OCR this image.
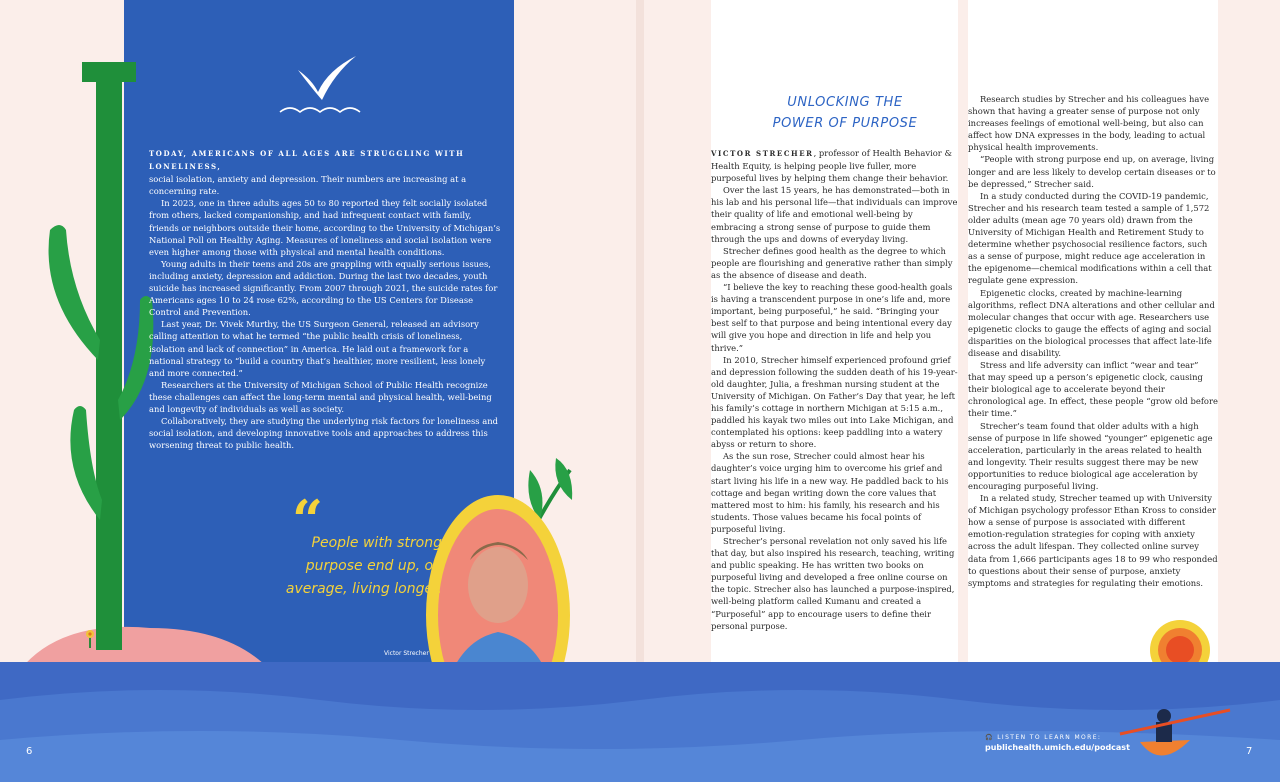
TODAY, AMERICANS OF ALL AGES ARE STRUGGLING WITH LONELINESS,
social isolation, anxiety and depression. Their numbers are increasing at a concerning rate.

In 2023, one in three adults ages 50 to 80 reported they felt socially isolated from others, lacked companionship, and had infrequent contact with family, friends or neighbors outside their home, according to the University of Michigan’s National Poll on Healthy Aging. Measures of loneliness and social isolation were even higher among those with physical and mental health conditions.

Young adults in their teens and 20s are grappling with equally serious issues, including anxiety, depression and addiction. During the last two decades, youth suicide has increased significantly. From 2007 through 2021, the suicide rates for Americans ages 10 to 24 rose 62%, according to the US Centers for Disease Control and Prevention.

Last year, Dr. Vivek Murthy, the US Surgeon General, released an advisory calling attention to what he termed “the public health crisis of loneliness, isolation and lack of connection” in America. He laid out a framework for a national strategy to “build a country that’s healthier, more resilient, less lonely and more connected.”

Researchers at the University of Michigan School of Public Health recognize these challenges can affect the long-term mental and physical health, well-being and longevity of individuals as well as society.

Collaboratively, they are studying the underlying risk factors for loneliness and social isolation, and developing innovative tools and approaches to address this worsening threat to public health.

“
People with strong purpose end up, on average, living longer.
Victor Strecher
6
UNLOCKING THE
POWER OF PURPOSE

VICTOR STRECHER, professor of Health Behavior & Health Equity, is helping people live fuller, more purposeful lives by helping them change their behavior.

Over the last 15 years, he has demonstrated—both in his lab and his personal life—that individuals can improve their quality of life and emotional well-being by embracing a strong sense of purpose to guide them through the ups and downs of everyday living.

Strecher defines good health as the degree to which people are flourishing and generative rather than simply as the absence of disease and death.

“I believe the key to reaching these good-health goals is having a transcendent purpose in one’s life and, more important, being purposeful,” he said. “Bringing your best self to that purpose and being intentional every day will give you hope and direction in life and help you thrive.”

In 2010, Strecher himself experienced profound grief and depression following the sudden death of his 19-year-old daughter, Julia, a freshman nursing student at the University of Michigan. On Father’s Day that year, he left his family’s cottage in northern Michigan at 5:15 a.m., paddled his kayak two miles out into Lake Michigan, and contemplated his options: keep paddling into a watery abyss or return to shore.

As the sun rose, Strecher could almost hear his daughter’s voice urging him to overcome his grief and start living his life in a new way. He paddled back to his cottage and began writing down the core values that mattered most to him: his family, his research and his students. Those values became his focal points of purposeful living.

Strecher’s personal revelation not only saved his life that day, but also inspired his research, teaching, writing and public speaking. He has written two books on purposeful living and developed a free online course on the topic. Strecher also has launched a purpose-inspired, well-being platform called Kumanu and created a “Purposeful” app to encourage users to define their personal purpose.

Research studies by Strecher and his colleagues have shown that having a greater sense of purpose not only increases feelings of emotional well-being, but also can affect how DNA expresses in the body, leading to actual physical health improvements.

“People with strong purpose end up, on average, living longer and are less likely to develop certain diseases or to be depressed,” Strecher said.

In a study conducted during the COVID-19 pandemic, Strecher and his research team tested a sample of 1,572 older adults (mean age 70 years old) drawn from the University of Michigan Health and Retirement Study to determine whether psychosocial resilience factors, such as a sense of purpose, might reduce age acceleration in the epigenome—chemical modifications within a cell that regulate gene expression.

Epigenetic clocks, created by machine-learning algorithms, reflect DNA alterations and other cellular and molecular changes that occur with age. Researchers use epigenetic clocks to gauge the effects of aging and social disparities on the biological processes that affect late-life disease and disability.

Stress and life adversity can inflict “wear and tear” that may speed up a person’s epigenetic clock, causing their biological age to accelerate beyond their chronological age. In effect, these people “grow old before their time.”

Strecher’s team found that older adults with a high sense of purpose in life showed “younger” epigenetic age acceleration, particularly in the areas related to health and longevity. Their results suggest there may be new opportunities to reduce biological age acceleration by encouraging purposeful living.

In a related study, Strecher teamed up with University of Michigan psychology professor Ethan Kross to consider how a sense of purpose is associated with different emotion-regulation strategies for coping with anxiety across the adult lifespan. They collected online survey data from 1,666 participants ages 18 to 99 who responded to questions about their sense of purpose, anxiety symptoms and strategies for regulating their emotions.

🎧 LISTEN TO LEARN MORE:
publichealth.umich.edu/podcast	7
